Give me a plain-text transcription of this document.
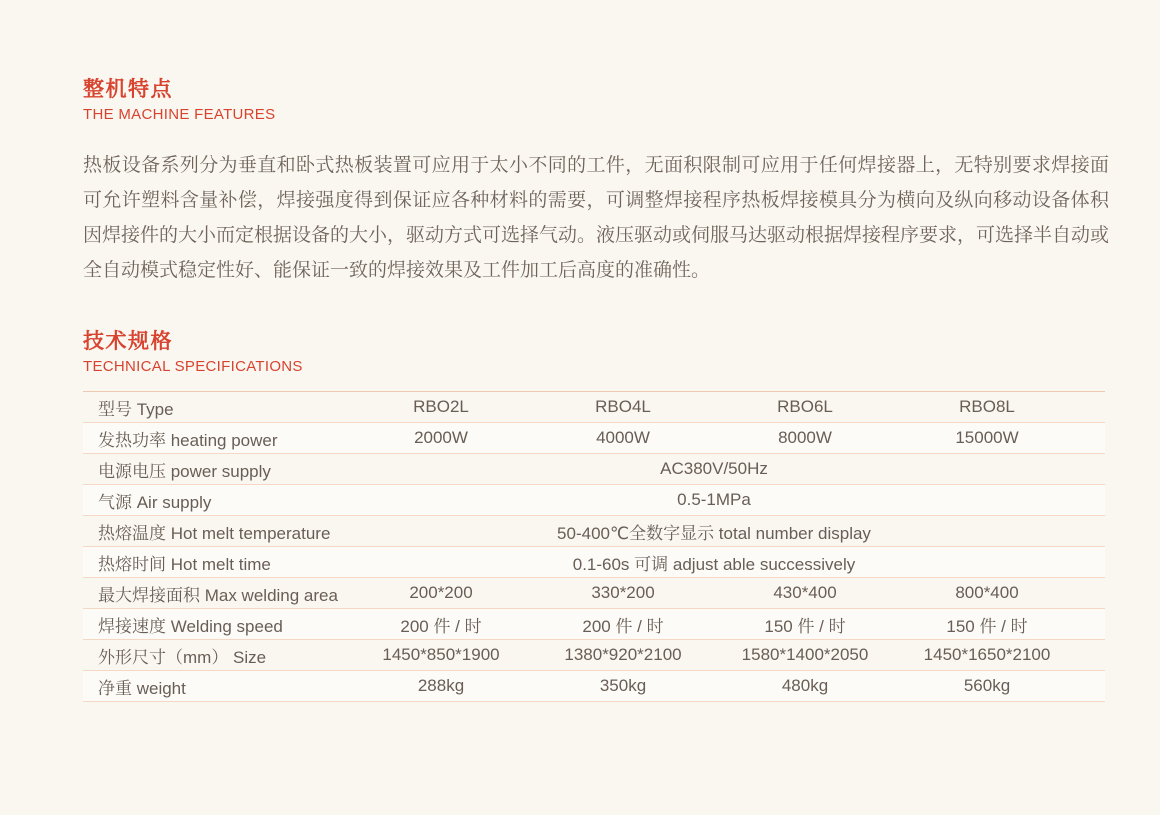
整机特点
THE MACHINE FEATURES
热板设备系列分为垂直和卧式热板装置可应用于太小不同的工件，无面积限制可应用于任何焊接器上，无特别要求焊接面
可允许塑料含量补偿，焊接强度得到保证应各种材料的需要，可调整焊接程序热板焊接模具分为横向及纵向移动设备体积
因焊接件的大小而定根据设备的大小，驱动方式可选择气动。液压驱动或伺服马达驱动根据焊接程序要求，可选择半自动或
全自动模式稳定性好、能保证一致的焊接效果及工件加工后高度的准确性。
技术规格
TECHNICAL SPECIFICATIONS
型号 Type	RBO2L	RBO4L	RBO6L	RBO8L
发热功率 heating power	2000W	4000W	8000W	15000W
电源电压 power supply	AC380V/50Hz
气源 Air supply	0.5-1MPa
热熔温度 Hot melt temperature	50-400℃全数字显示 total number display
热熔时间 Hot melt time	0.1-60s 可调 adjust able successively
最大焊接面积 Max welding area	200*200	330*200	430*400	800*400
焊接速度 Welding speed	200 件 / 时	200 件 / 时	150 件 / 时	150 件 / 时
外形尺寸（mm） Size	1450*850*1900	1380*920*2100	1580*1400*2050	1450*1650*2100
净重 weight	288kg	350kg	480kg	560kg
